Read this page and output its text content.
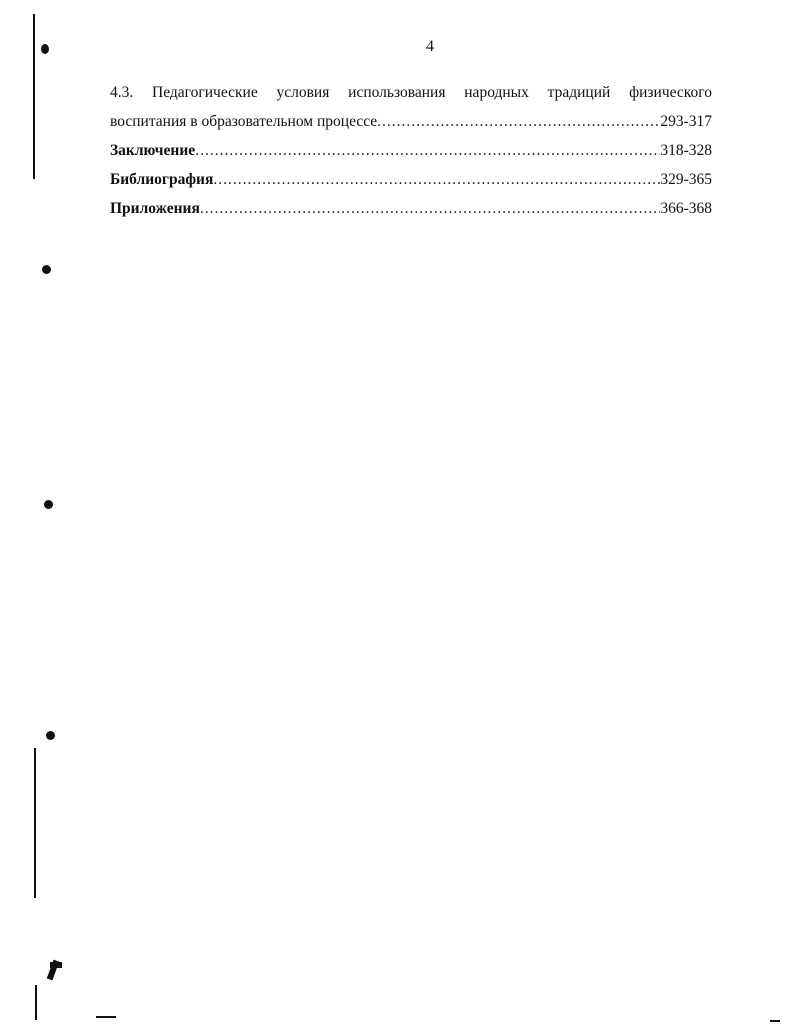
4
4.3. Педагогические условия использования народных традиций физического
воспитания в образовательном процессе .....	293-317
Заключение .....	318-328
Библиография .....	329-365
Приложения .....	366-368
